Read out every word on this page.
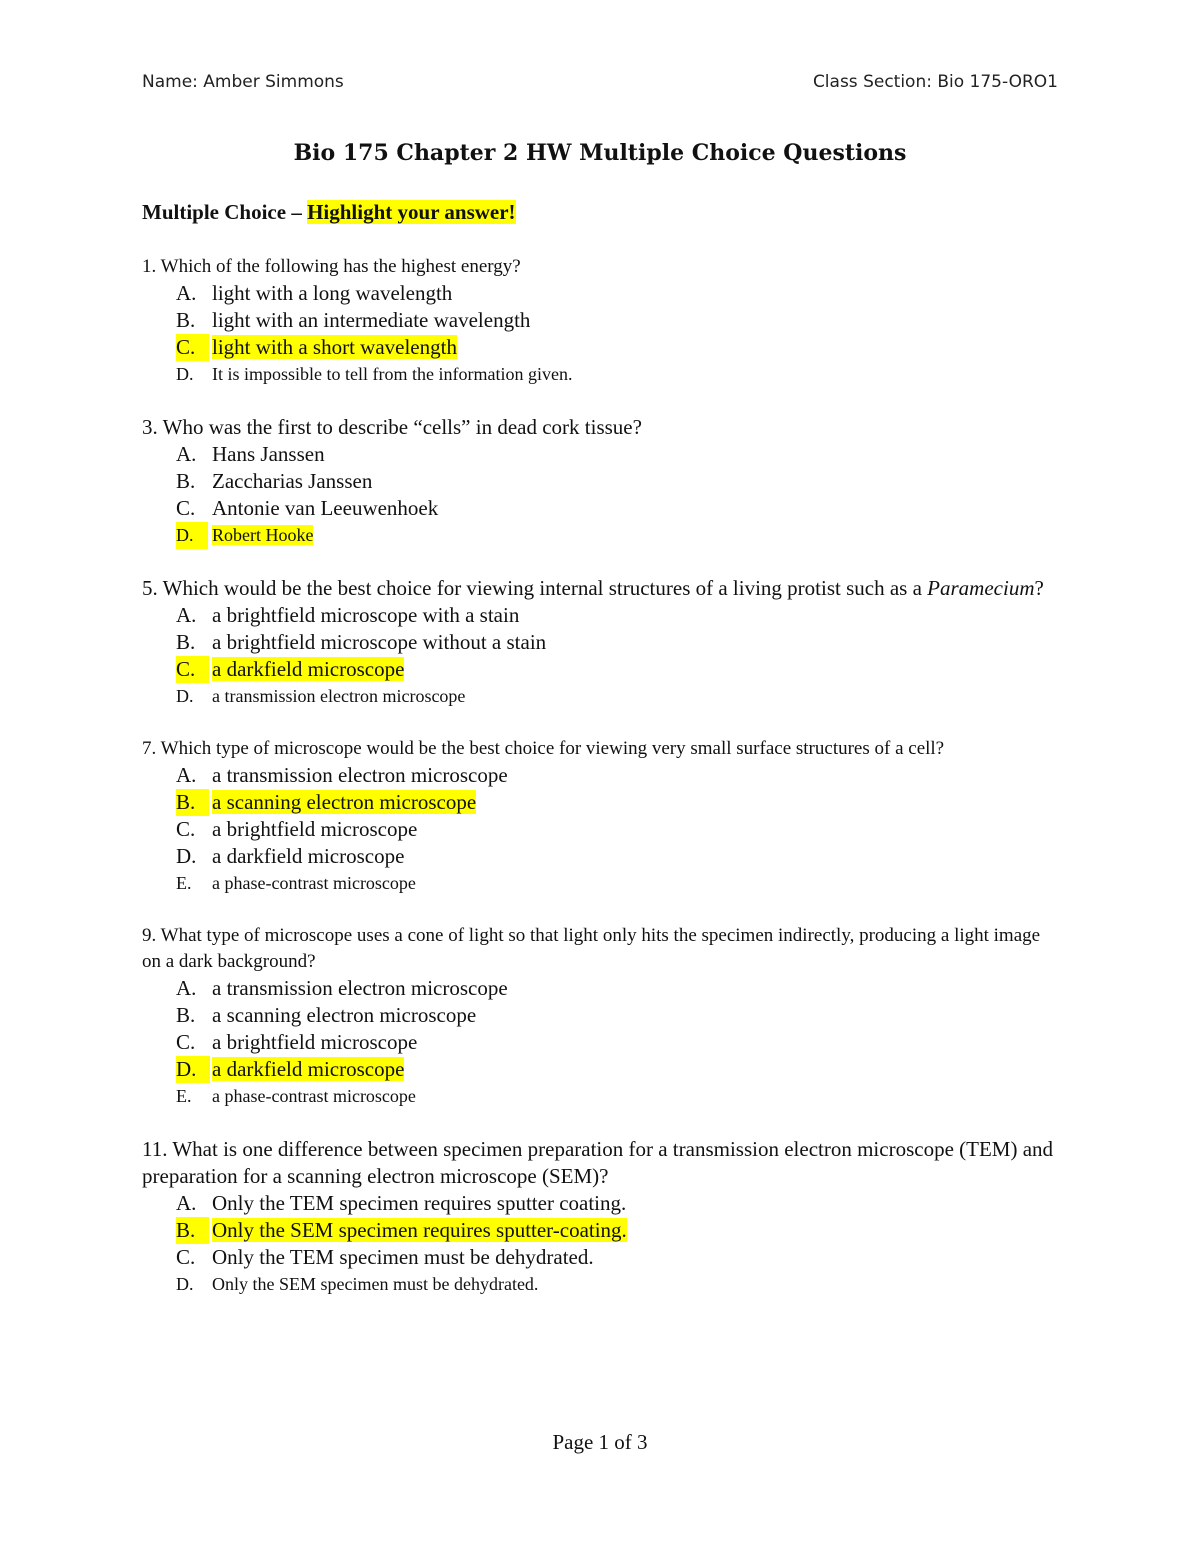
Name: Amber Simmons	Class Section: Bio 175-ORO1
Bio 175 Chapter 2 HW Multiple Choice Questions
Multiple Choice – Highlight your answer!

1. Which of the following has the highest energy?

A. light with a long wavelength
B. light with an intermediate wavelength
C. light with a short wavelength
D. It is impossible to tell from the information given.

3. Who was the first to describe “cells” in dead cork tissue?

A. Hans Janssen
B. Zaccharias Janssen
C. Antonie van Leeuwenhoek
D.	Robert Hooke

5. Which would be the best choice for viewing internal structures of a living protist such as a Paramecium?

A. a brightfield microscope with a stain
B. a brightfield microscope without a stain
C. a darkfield microscope
D. a transmission electron microscope

7. Which type of microscope would be the best choice for viewing very small surface structures of a cell?

A. a transmission electron microscope
B. a scanning electron microscope
C. a brightfield microscope
D. a darkfield microscope
E. a phase-contrast microscope

9. What type of microscope uses a cone of light so that light only hits the specimen indirectly, producing a light image on a dark background?

A. a transmission electron microscope
B. a scanning electron microscope
C. a brightfield microscope
D. a darkfield microscope
E. a phase-contrast microscope

11. What is one difference between specimen preparation for a transmission electron microscope (TEM) and preparation for a scanning electron microscope (SEM)?

A. Only the TEM specimen requires sputter coating.
B. Only the SEM specimen requires sputter-coating.
C. Only the TEM specimen must be dehydrated.
D. Only the SEM specimen must be dehydrated.
Page 1 of 3
